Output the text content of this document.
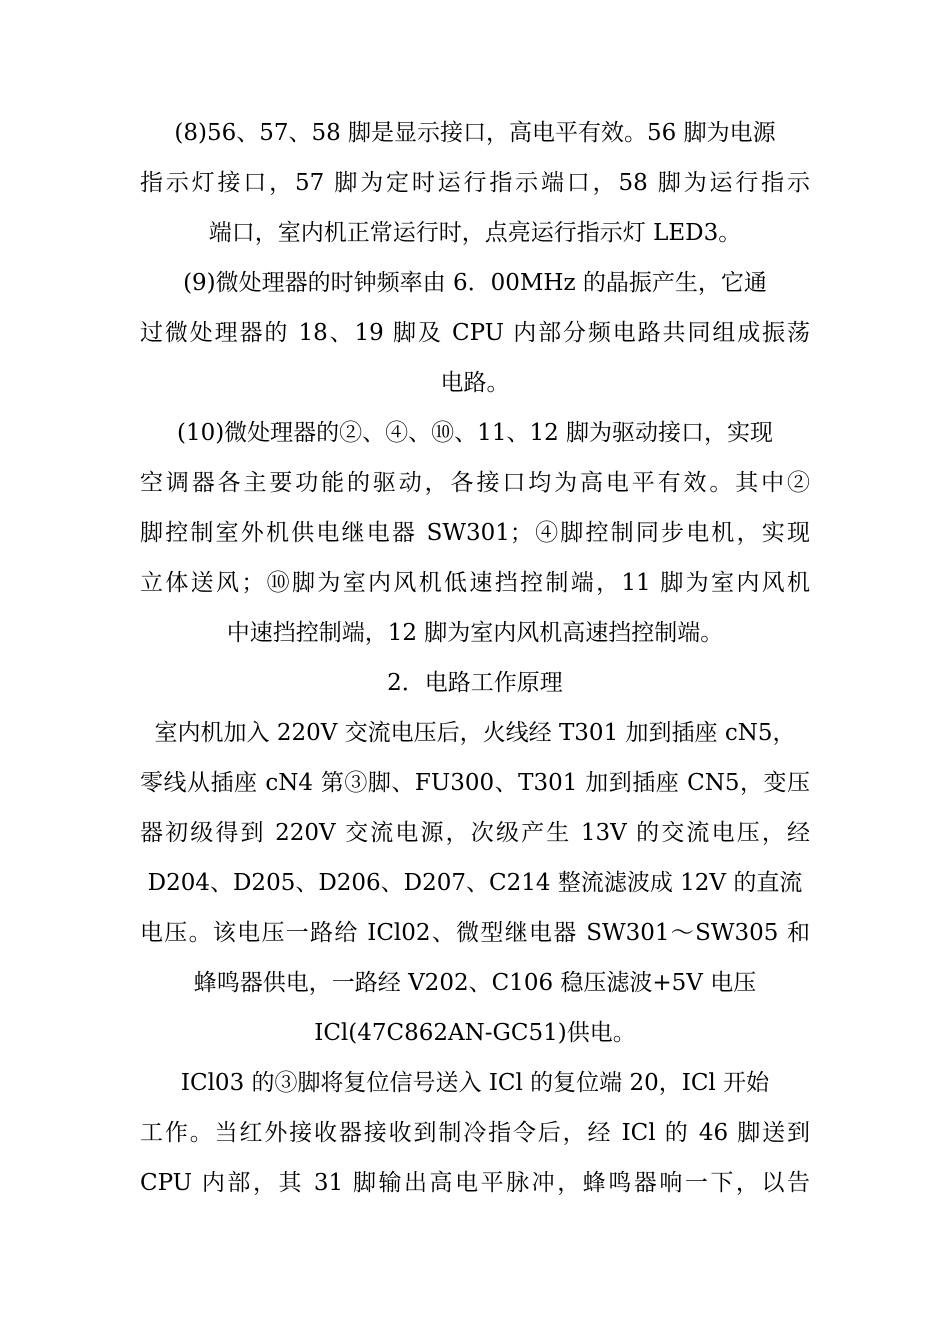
(8)56、57、58 脚是显示接口，高电平有效。56 脚为电源
指示灯接口，57 脚为定时运行指示端口，58 脚为运行指示
端口，室内机正常运行时，点亮运行指示灯 LED3。
(9)微处理器的时钟频率由 6．00MHz 的晶振产生，它通
过微处理器的 18、19 脚及 CPU 内部分频电路共同组成振荡
电路。
(10)微处理器的②、④、⑩、11、12 脚为驱动接口，实现
空调器各主要功能的驱动，各接口均为高电平有效。其中②
脚控制室外机供电继电器 SW301；④脚控制同步电机，实现
立体送风；⑩脚为室内风机低速挡控制端，11 脚为室内风机
中速挡控制端，12 脚为室内风机高速挡控制端。
2．电路工作原理
室内机加入 220V 交流电压后，火线经 T301 加到插座 cN5，
零线从插座 cN4 第③脚、FU300、T301 加到插座 CN5，变压
器初级得到 220V 交流电源，次级产生 13V 的交流电压，经
D204、D205、D206、D207、C214 整流滤波成 12V 的直流
电压。该电压一路给 ICl02、微型继电器 SW301～SW305 和
蜂鸣器供电，一路经 V202、C106 稳压滤波+5V 电压
ICl(47C862AN-GC51)供电。
ICl03 的③脚将复位信号送入 ICl 的复位端 20，ICl 开始
工作。当红外接收器接收到制冷指令后，经 ICl 的 46 脚送到
CPU 内部，其 31 脚输出高电平脉冲，蜂鸣器响一下，以告
